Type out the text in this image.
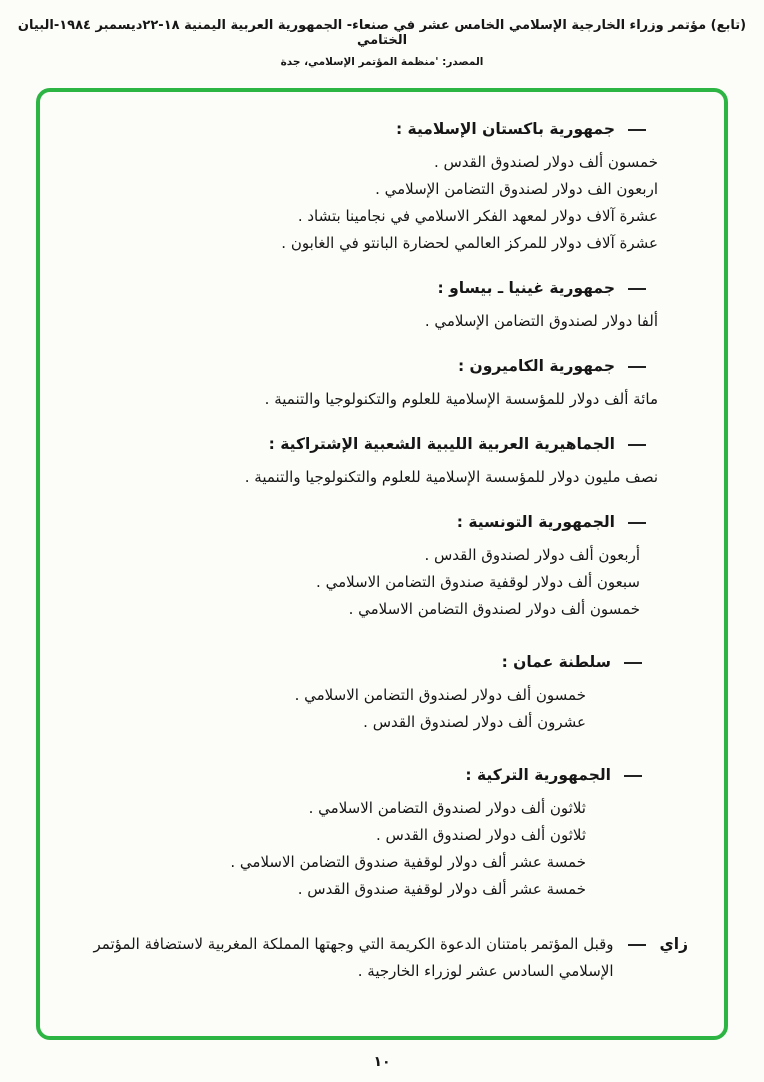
(تابع) مؤتمر وزراء الخارجية الإسلامي الخامس عشر في صنعاء- الجمهورية العربية اليمنية ١٨-٢٢ديسمبر ١٩٨٤-البيان الختامي
المصدر: 'منظمة المؤتمر الإسلامي، جدة
جمهورية باكستان الإسلامية :
خمسون ألف دولار لصندوق القدس .
اربعون الف دولار لصندوق التضامن الإسلامي .
عشرة آلاف دولار لمعهد الفكر الاسلامي في نجامينا بتشاد .
عشرة آلاف دولار للمركز العالمي لحضارة البانتو في الغابون .
جمهورية غينيا ـ بيساو :
ألفا دولار لصندوق التضامن الإسلامي .
جمهورية الكاميرون :
مائة ألف دولار للمؤسسة الإسلامية للعلوم والتكنولوجيا والتنمية .
الجماهيرية العربية الليبية الشعبية الإشتراكية :
نصف مليون دولار للمؤسسة الإسلامية للعلوم والتكنولوجيا والتنمية .
الجمهورية التونسية :
أربعون ألف دولار لصندوق القدس .
سبعون ألف دولار لوقفية صندوق التضامن الاسلامي .
خمسون ألف دولار لصندوق التضامن الاسلامي .
سلطنة عمان :
خمسون ألف دولار لصندوق التضامن الاسلامي .
عشرون ألف دولار لصندوق القدس .
الجمهورية التركية :
ثلاثون ألف دولار لصندوق التضامن الاسلامي .
ثلاثون ألف دولار لصندوق القدس .
خمسة عشر ألف دولار لوقفية صندوق التضامن الاسلامي .
خمسة عشر ألف دولار لوقفية صندوق القدس .
زاي

وقبل المؤتمر بامتنان الدعوة الكريمة التي وجهتها المملكة المغربية لاستضافة المؤتمر الإسلامي السادس عشر لوزراء الخارجية .

١٠
